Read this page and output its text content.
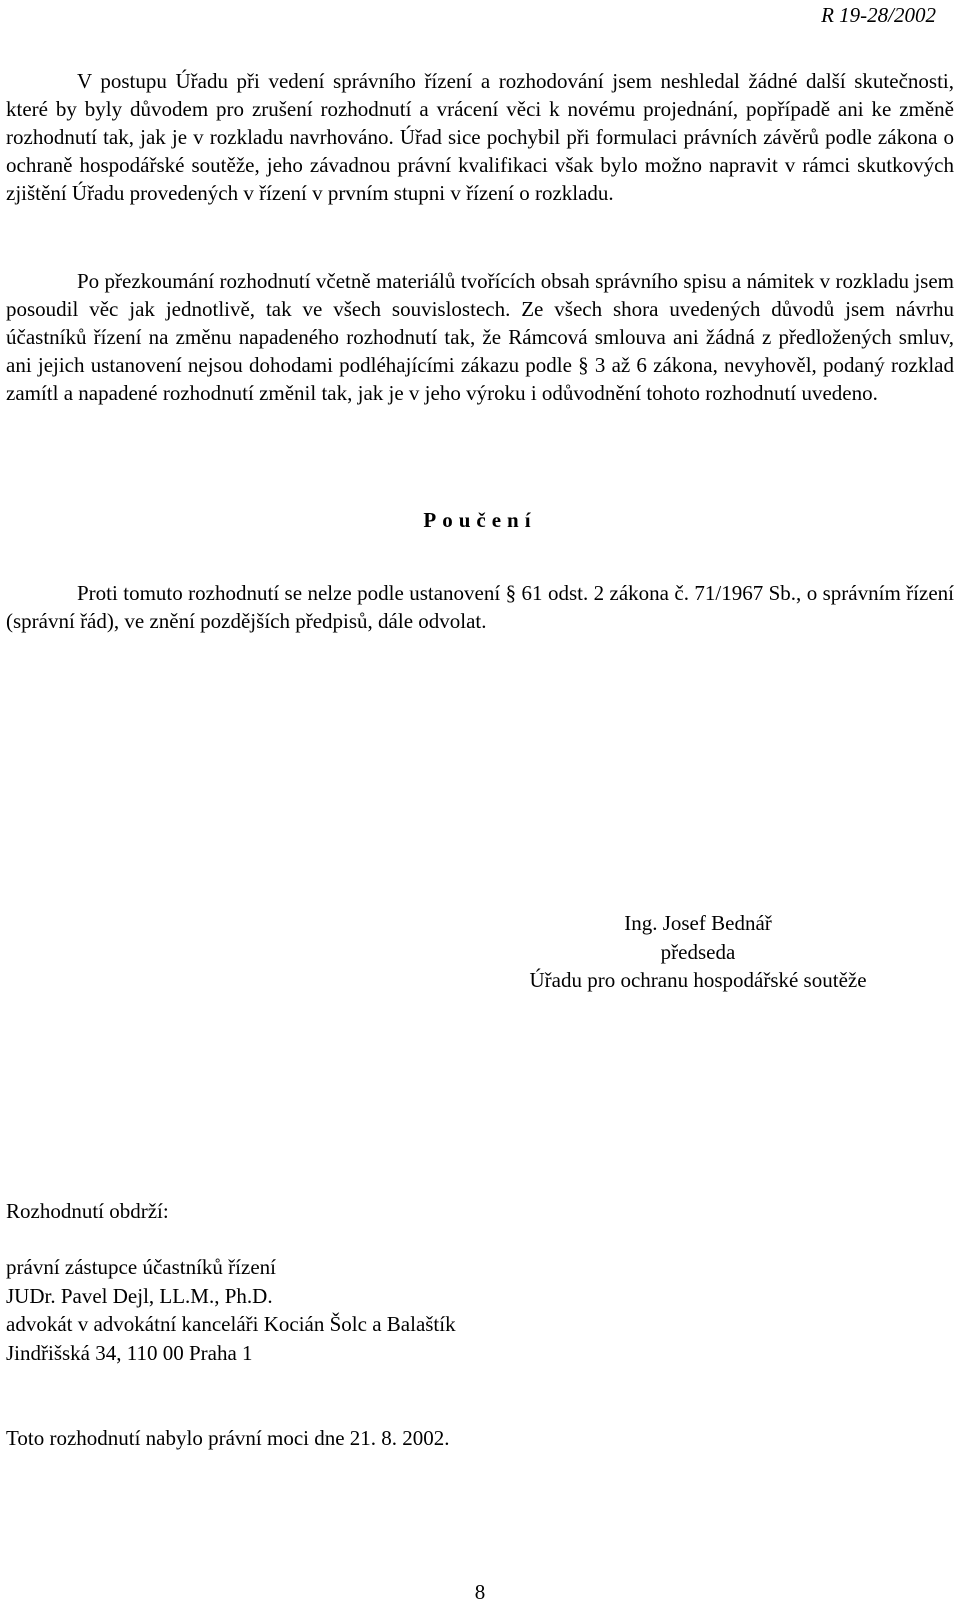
R 19-28/2002

V postupu Úřadu při vedení správního řízení a rozhodování jsem neshledal žádné další skutečnosti, které by byly důvodem pro zrušení rozhodnutí a vrácení věci k novému projednání, popřípadě ani ke změně rozhodnutí tak, jak je v rozkladu navrhováno. Úřad sice pochybil při formulaci právních závěrů podle zákona o ochraně hospodářské soutěže, jeho závadnou právní kvalifikaci však bylo možno napravit v rámci skutkových zjištění Úřadu provedených v řízení v prvním stupni v řízení o rozkladu.

Po přezkoumání rozhodnutí včetně materiálů tvořících obsah správního spisu a námitek v rozkladu jsem posoudil věc jak jednotlivě, tak ve všech souvislostech. Ze všech shora uvedených důvodů jsem návrhu účastníků řízení na změnu napadeného rozhodnutí tak, že Rámcová smlouva ani žádná z předložených smluv, ani jejich ustanovení nejsou dohodami podléhajícími zákazu podle § 3 až 6 zákona, nevyhověl, podaný rozklad zamítl a napadené rozhodnutí změnil tak, jak je v jeho výroku i odůvodnění tohoto rozhodnutí uvedeno.

Poučení

Proti tomuto rozhodnutí se nelze podle ustanovení § 61 odst. 2 zákona č. 71/1967 Sb., o správním řízení (správní řád), ve znění pozdějších předpisů, dále odvolat.

Ing. Josef Bednář
předseda
Úřadu pro ochranu hospodářské soutěže
Rozhodnutí obdrží:
právní zástupce účastníků řízení
JUDr. Pavel Dejl, LL.M., Ph.D.
advokát v advokátní kanceláři Kocián Šolc a Balaštík
Jindřišská 34, 110 00 Praha 1
Toto rozhodnutí nabylo právní moci dne 21. 8. 2002.
8
